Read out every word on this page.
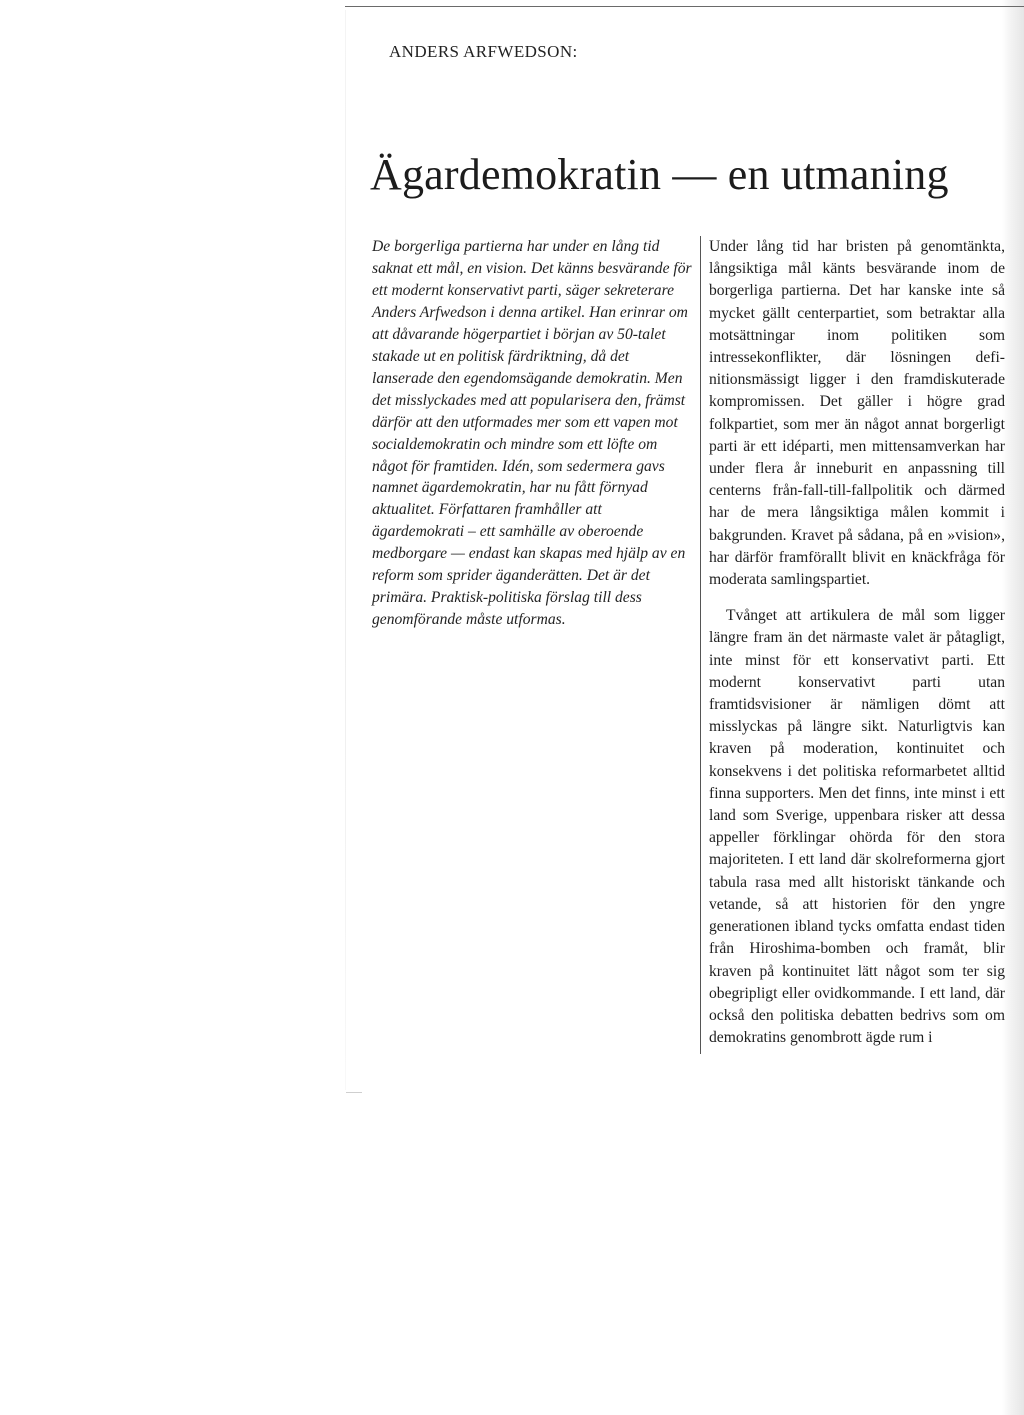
ANDERS ARFWEDSON:
Ägardemokratin — en utmaning

De borgerliga partierna har under en lång tid saknat ett mål, en vision. Det känns besvärande för ett modernt konservativt parti, säger sekreterare Anders Arfwedson i denna artikel. Han erinrar om att dåvarande högerpartiet i början av 50-talet stakade ut en politisk färdriktning, då det lanserade den egendomsägande demokratin. Men det misslyckades med att popularisera den, främst därför att den utformades mer som ett vapen mot socialdemokratin och mindre som ett löfte om något för framtiden. Idén, som sedermera gavs namnet ägardemokratin, har nu fått förnyad aktualitet. Författaren framhåller att ägardemokrati – ett samhälle av oberoende medborgare — endast kan skapas med hjälp av en reform som sprider äganderätten. Det är det primära. Praktisk-politiska förslag till dess genomförande måste utformas.

Under lång tid har bristen på genomtänkta, långsiktiga mål känts besvärande inom de borgerliga partierna. Det har kanske inte så mycket gällt centerpartiet, som betraktar alla motsättningar inom politiken som intressekonflikter, där lösningen definitionsmässigt ligger i den framdiskuterade kompromissen. Det gäller i högre grad folkpartiet, som mer än något annat borgerligt parti är ett idéparti, men mittensamverkan har under flera år inneburit en anpassning till centerns från-fall-till-fallpolitik och därmed har de mera långsiktiga målen kommit i bakgrunden. Kravet på sådana, på en »vision», har därför framförallt blivit en knäckfråga för moderata samlingspartiet.

Tvånget att artikulera de mål som ligger längre fram än det närmaste valet är påtagligt, inte minst för ett konservativt parti. Ett modernt konservativt parti utan framtidsvisioner är nämligen dömt att misslyckas på längre sikt. Naturligtvis kan kraven på moderation, kontinuitet och konsekvens i det politiska reformarbetet alltid finna supporters. Men det finns, inte minst i ett land som Sverige, uppenbara risker att dessa appeller förklingar ohörda för den stora majoriteten. I ett land där skolreformerna gjort tabula rasa med allt historiskt tänkande och vetande, så att historien för den yngre generationen ibland tycks omfatta endast tiden från Hiroshima-bomben och framåt, blir kraven på kontinuitet lätt något som ter sig obegripligt eller ovidkommande. I ett land, där också den politiska debatten bedrivs som om demokratins genombrott ägde rum i
